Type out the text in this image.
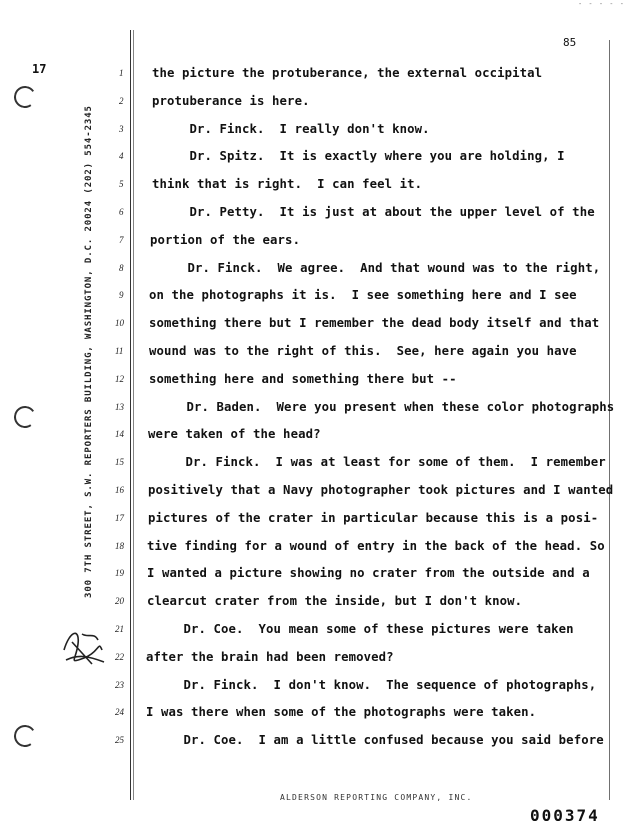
- - - - -
85
17
300 7TH STREET, S.W. REPORTERS BUILDING, WASHINGTON, D.C. 20024 (202) 554-2345
1 the picture the protuberance, the external occipital
2 protuberance is here.
3 Dr. Finck.  I really don't know.
4 Dr. Spitz.  It is exactly where you are holding, I
5 think that is right.  I can feel it.
6 Dr. Petty.  It is just at about the upper level of the
7 portion of the ears.
8 Dr. Finck.  We agree.  And that wound was to the right,
9 on the photographs it is.  I see something here and I see
10 something there but I remember the dead body itself and that
11 wound was to the right of this.  See, here again you have
12 something here and something there but --
13 Dr. Baden.  Were you present when these color photographs
14 were taken of the head?
15 Dr. Finck.  I was at least for some of them.  I remember
16 positively that a Navy photographer took pictures and I wanted
17 pictures of the crater in particular because this is a posi-
18 tive finding for a wound of entry in the back of the head. So
19 I wanted a picture showing no crater from the outside and a
20 clearcut crater from the inside, but I don't know.
21 Dr. Coe.  You mean some of these pictures were taken
22 after the brain had been removed?
23 Dr. Finck.  I don't know.  The sequence of photographs,
24 I was there when some of the photographs were taken.
25 Dr. Coe.  I am a little confused because you said before
ALDERSON REPORTING COMPANY, INC.
000374
